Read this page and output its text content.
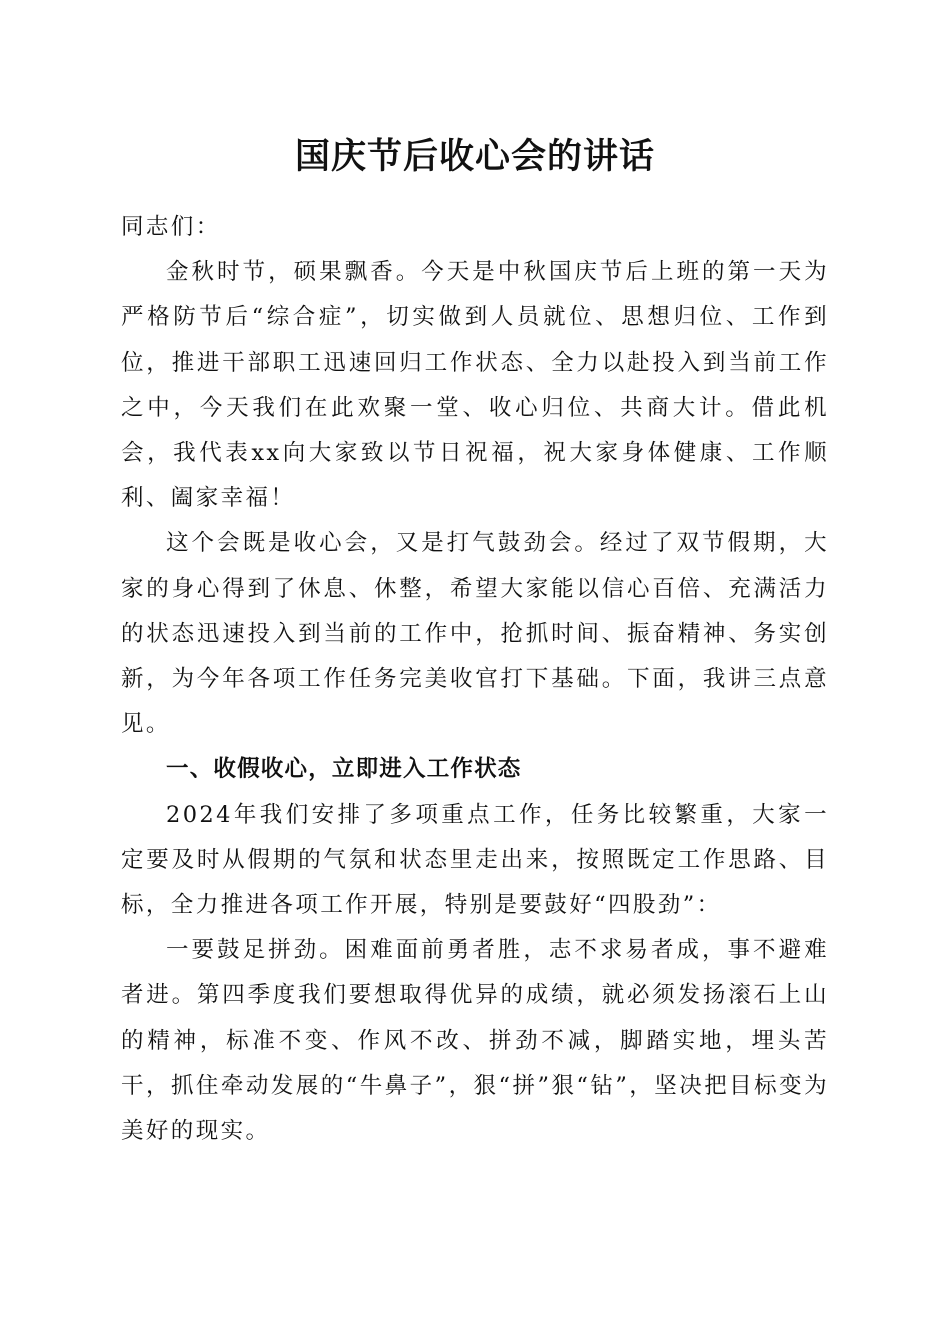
国庆节后收心会的讲话

同志们：

金秋时节，硕果飘香。今天是中秋国庆节后上班的第一天为严格防节后“综合症”，切实做到人员就位、思想归位、工作到位，推进干部职工迅速回归工作状态、全力以赴投入到当前工作之中，今天我们在此欢聚一堂、收心归位、共商大计。借此机会，我代表xx向大家致以节日祝福，祝大家身体健康、工作顺利、阖家幸福！

这个会既是收心会，又是打气鼓劲会。经过了双节假期，大家的身心得到了休息、休整，希望大家能以信心百倍、充满活力的状态迅速投入到当前的工作中，抢抓时间、振奋精神、务实创新，为今年各项工作任务完美收官打下基础。下面，我讲三点意见。

一、收假收心，立即进入工作状态

2024年我们安排了多项重点工作，任务比较繁重，大家一定要及时从假期的气氛和状态里走出来，按照既定工作思路、目标，全力推进各项工作开展，特别是要鼓好“四股劲”：

一要鼓足拼劲。困难面前勇者胜，志不求易者成，事不避难者进。第四季度我们要想取得优异的成绩，就必须发扬滚石上山的精神，标准不变、作风不改、拼劲不减，脚踏实地，埋头苦干，抓住牵动发展的“牛鼻子”，狠“拼”狠“钻”，坚决把目标变为美好的现实。
